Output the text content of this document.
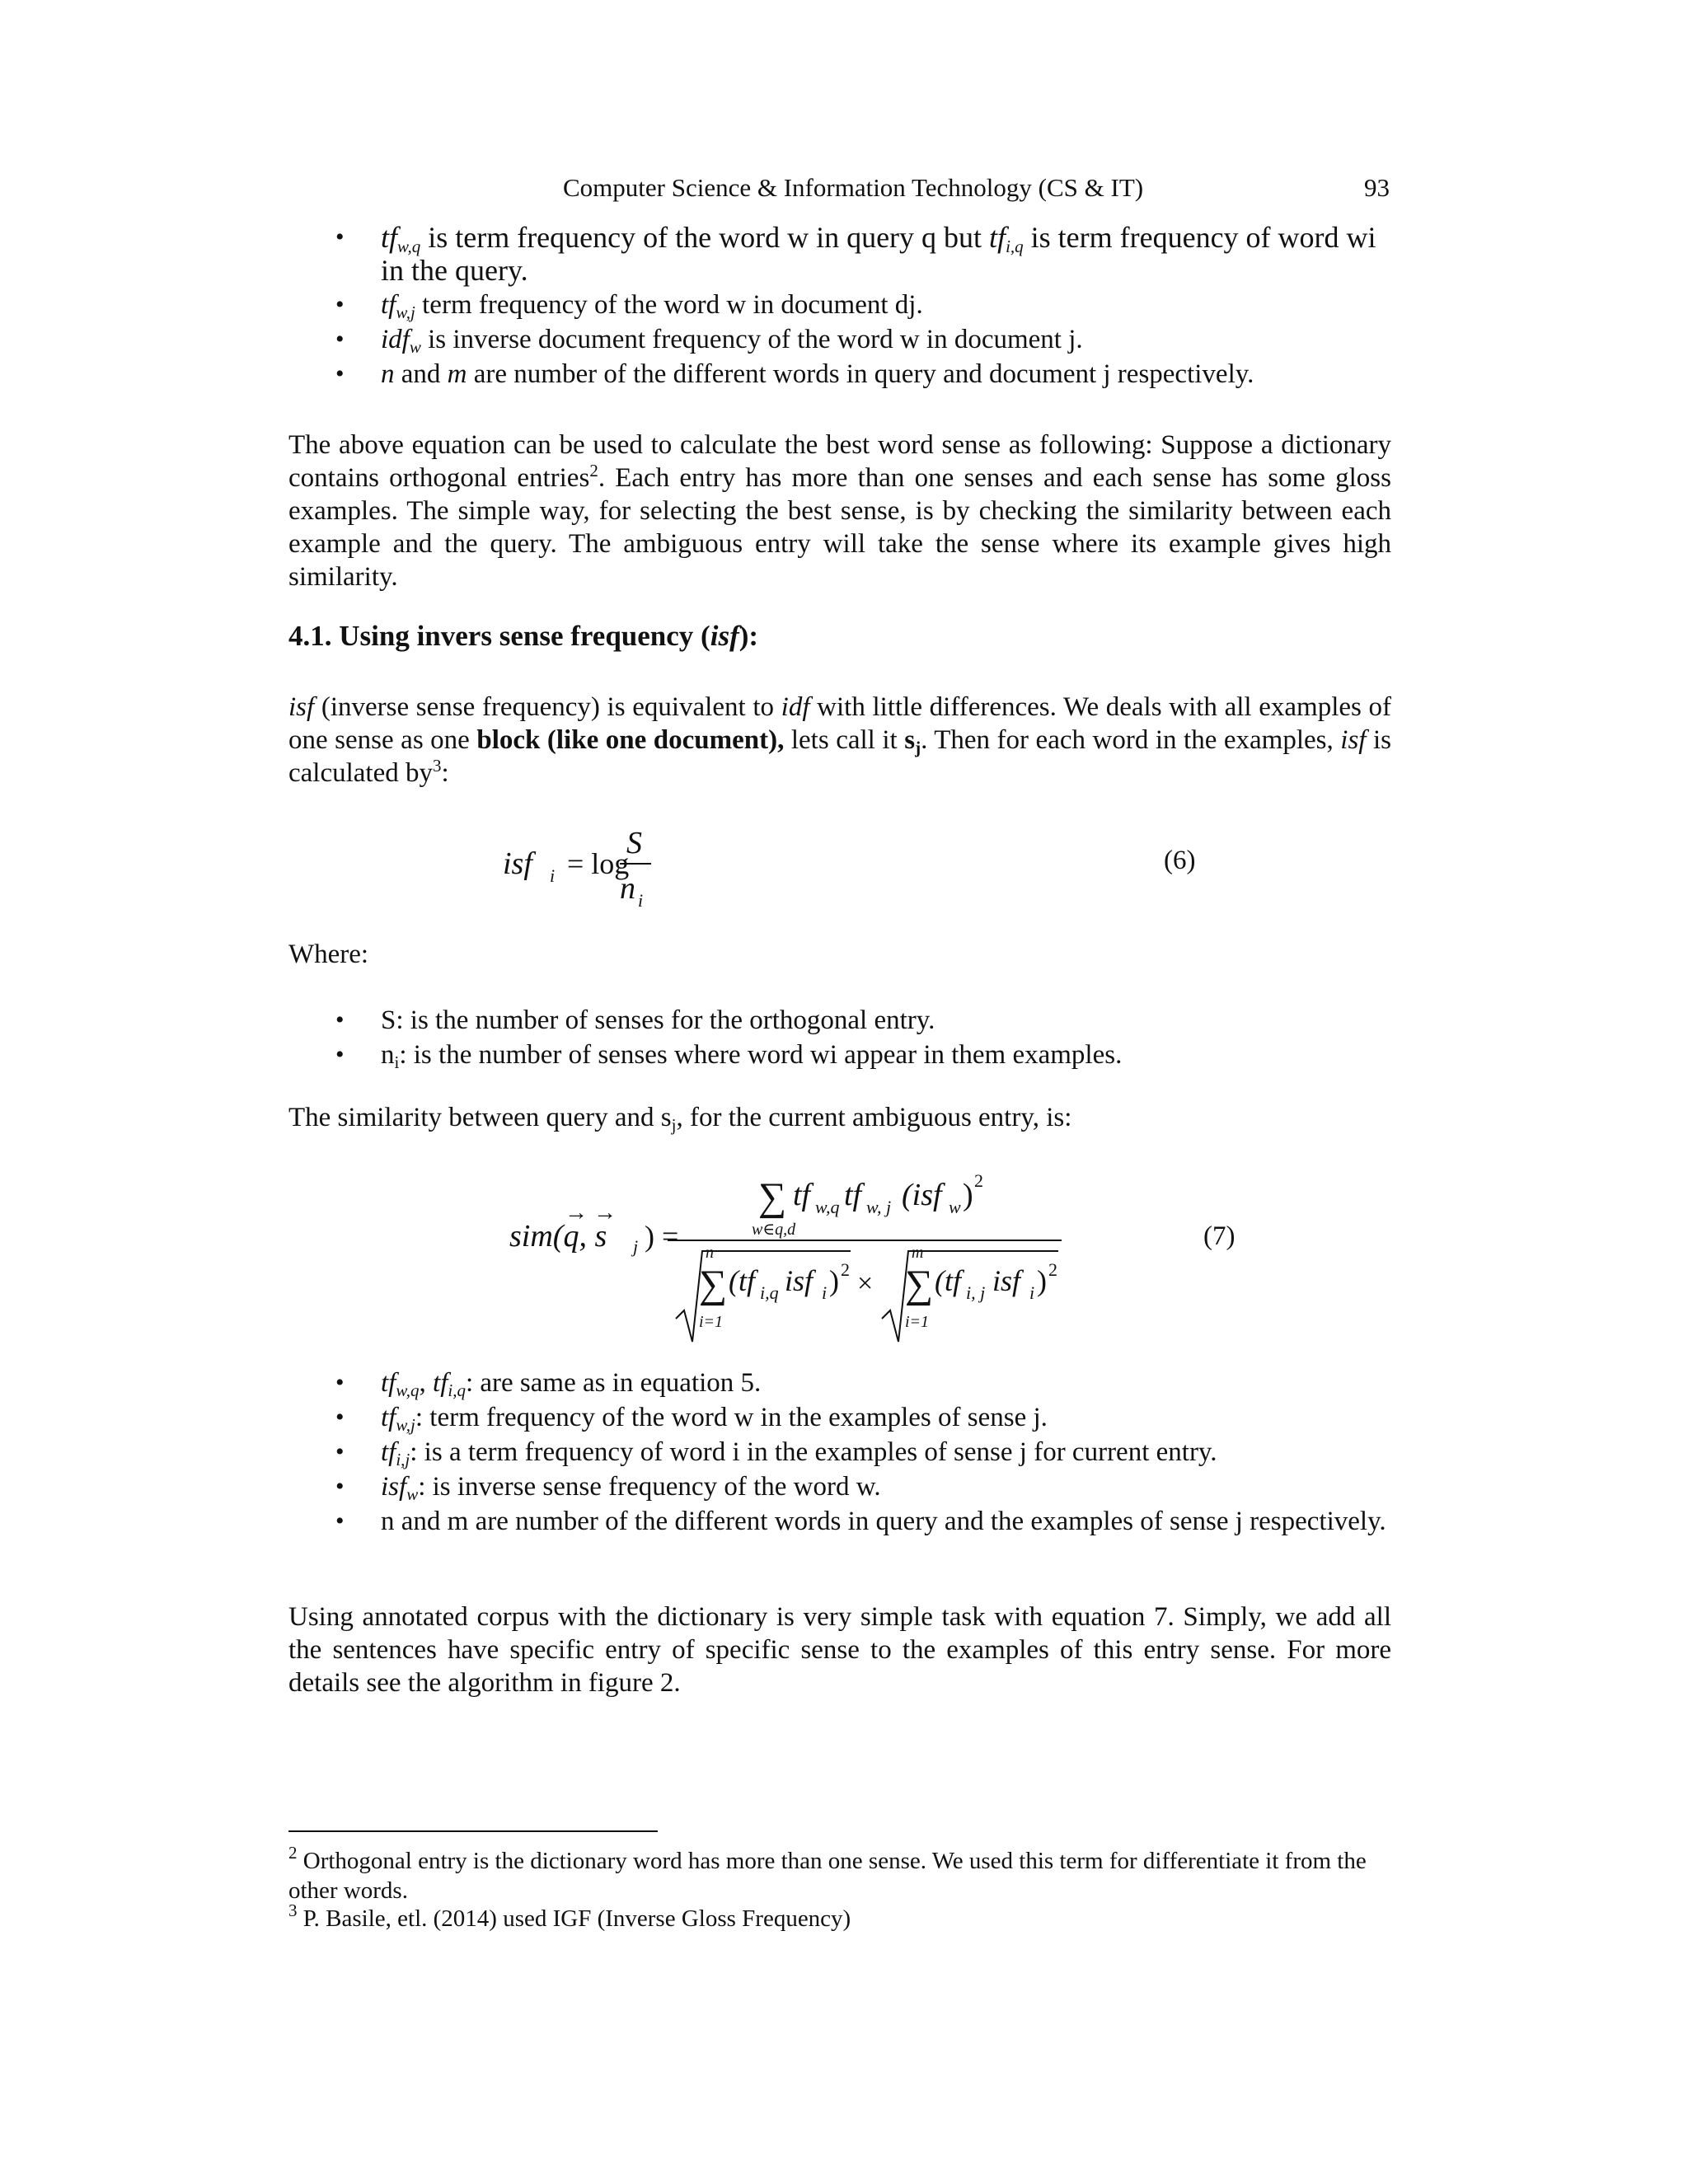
Computer Science & Information Technology (CS & IT)	93
• $tf_{w,q}$ is term frequency of the word w in query q but $tf_{i,q}$ is term frequency of word wi in the query.
• $tf_{w,j}$ term frequency of the word w in document dj.
• idf$_w$ is inverse document frequency of the word w in document j.
• n and m are number of the different words in query and document j respectively.
The above equation can be used to calculate the best word sense as following: Suppose a dictionary contains orthogonal entries$^2$. Each entry has more than one senses and each sense has some gloss examples. The simple way, for selecting the best sense, is by checking the similarity between each example and the query. The ambiguous entry will take the sense where its example gives high similarity.
4.1. Using invers sense frequency (isf):
isf (inverse sense frequency) is equivalent to idf with little differences. We deals with all examples of one sense as one block (like one document), lets call it $s_j$. Then for each word in the examples, isf is calculated $by^3$:
isf i = log
S
n i
(6)
Where:
• S: is the number of senses for the orthogonal entry.
• $n_i$: is the number of senses where word wi appear in them examples.
The similarity between query and $s_j$, for the current ambiguous entry, is:
→ →
sim(q, s j ) =
∑ tf w,q tf w, j (isf w ) 2
w∈q,d
n
∑
i=1
(tf i,q isf i ) 2 ×
m
∑
i=1
(tf i, j isf i ) 2
(7)
• $tf_{w,q}$, $tf_{i,q}$: are same as in equation 5.
• $tf_{w,j}$: term frequency of the word w in the examples of sense j.
• $tf_{i,j}$: is a term frequency of word i in the examples of sense j for current entry.
• isf$_w$: is inverse sense frequency of the word w.
• n and m are number of the different words in query and the examples of sense j respectively.
Using annotated corpus with the dictionary is very simple task with equation 7. Simply, we add all the sentences have specific entry of specific sense to the examples of this entry sense. For more details see the algorithm in figure 2.
$^2$ Orthogonal entry is the dictionary word has more than one sense. We used this term for differentiate it from the other words.
$^3$ P. Basile, etl. (2014) used IGF (Inverse Gloss Frequency)
